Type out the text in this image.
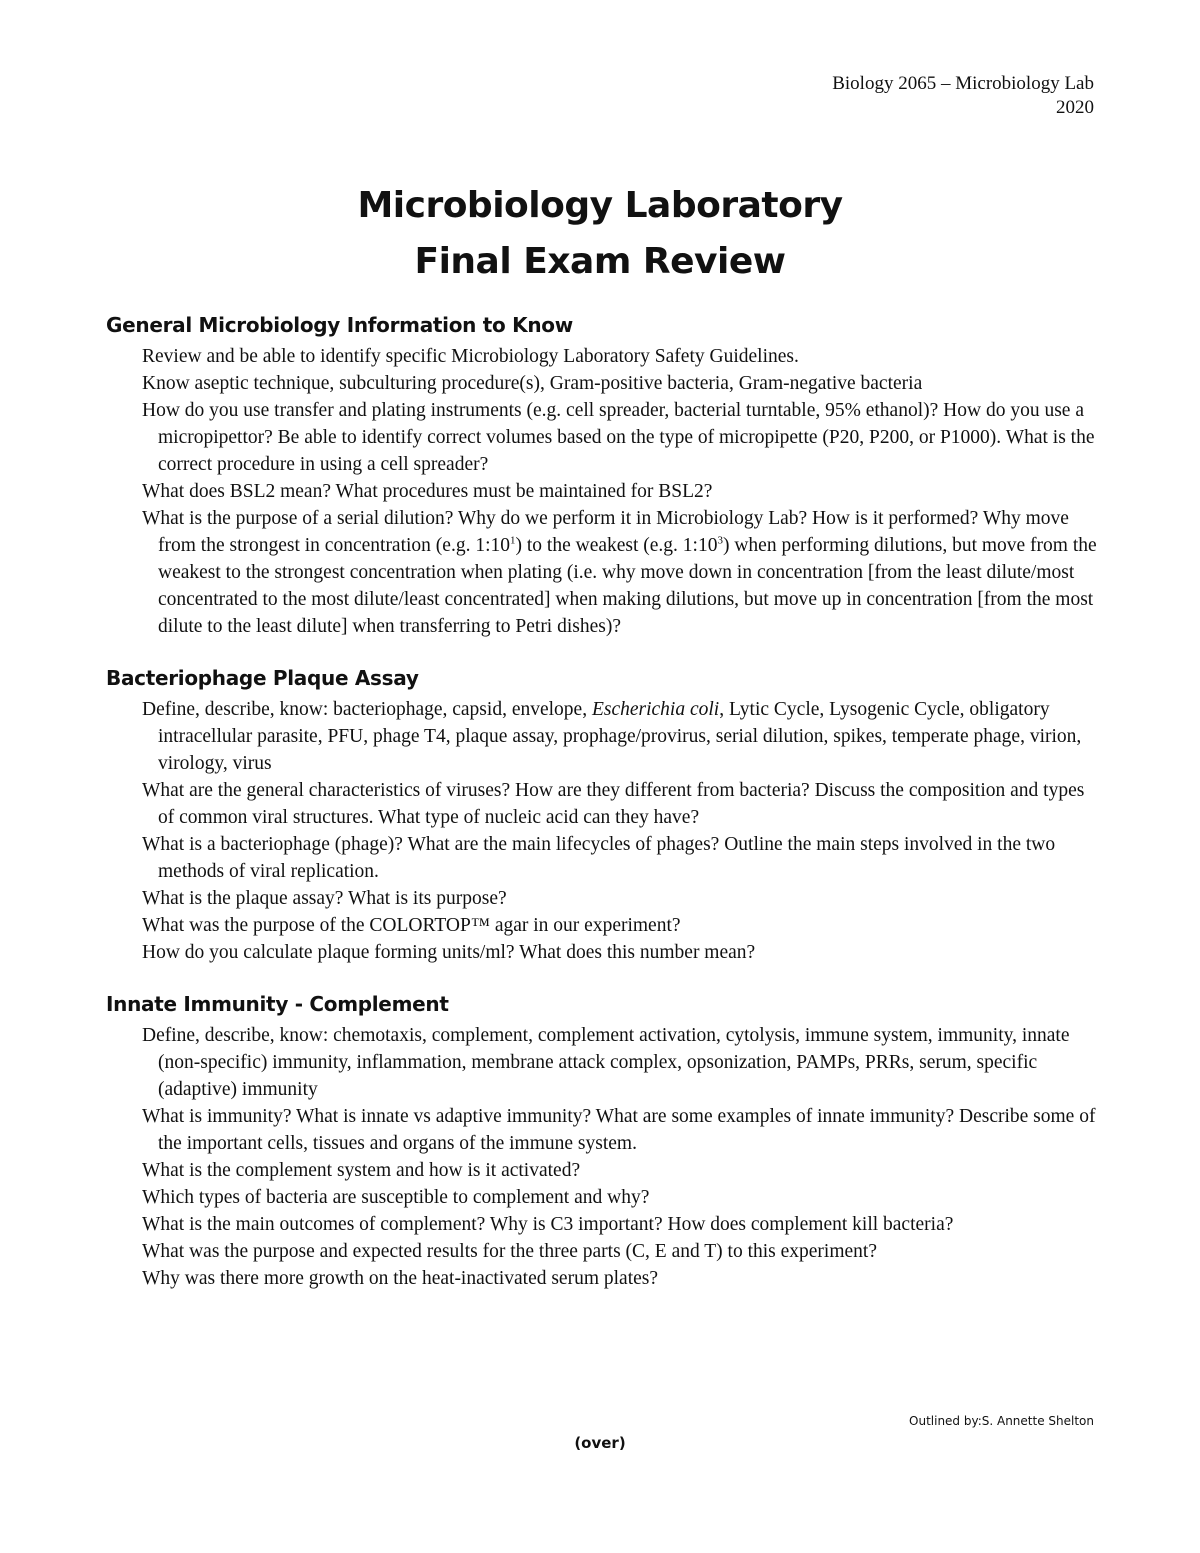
Biology 2065 – Microbiology Lab
2020
Microbiology Laboratory
Final Exam Review
General Microbiology Information to Know
Review and be able to identify specific Microbiology Laboratory Safety Guidelines.
Know aseptic technique, subculturing procedure(s), Gram-positive bacteria, Gram-negative bacteria
How do you use transfer and plating instruments (e.g. cell spreader, bacterial turntable, 95% ethanol)? How do you use a micropipettor? Be able to identify correct volumes based on the type of micropipette (P20, P200, or P1000). What is the correct procedure in using a cell spreader?
What does BSL2 mean? What procedures must be maintained for BSL2?
What is the purpose of a serial dilution? Why do we perform it in Microbiology Lab? How is it performed? Why move from the strongest in concentration (e.g. $1:10^1$) to the weakest (e.g. $1:10^3$) when performing dilutions, but move from the weakest to the strongest concentration when plating (i.e. why move down in concentration [from the least dilute/most concentrated to the most dilute/least concentrated] when making dilutions, but move up in concentration [from the most dilute to the least dilute] when transferring to Petri dishes)?
Bacteriophage Plaque Assay
Define, describe, know: bacteriophage, capsid, envelope, Escherichia coli, Lytic Cycle, Lysogenic Cycle, obligatory intracellular parasite, PFU, phage T4, plaque assay, prophage/provirus, serial dilution, spikes, temperate phage, virion, virology, virus
What are the general characteristics of viruses? How are they different from bacteria? Discuss the composition and types of common viral structures. What type of nucleic acid can they have?
What is a bacteriophage (phage)? What are the main lifecycles of phages? Outline the main steps involved in the two methods of viral replication.
What is the plaque assay? What is its purpose?
What was the purpose of the COLORTOP™ agar in our experiment?
How do you calculate plaque forming units/ml? What does this number mean?
Innate Immunity - Complement
Define, describe, know: chemotaxis, complement, complement activation, cytolysis, immune system, immunity, innate (non-specific) immunity, inflammation, membrane attack complex, opsonization, PAMPs, PRRs, serum, specific (adaptive) immunity
What is immunity? What is innate vs adaptive immunity? What are some examples of innate immunity? Describe some of the important cells, tissues and organs of the immune system.
What is the complement system and how is it activated?
Which types of bacteria are susceptible to complement and why?
What is the main outcomes of complement? Why is C3 important? How does complement kill bacteria?
What was the purpose and expected results for the three parts (C, E and T) to this experiment?
Why was there more growth on the heat-inactivated serum plates?
Outlined by:S. Annette Shelton
(over)
